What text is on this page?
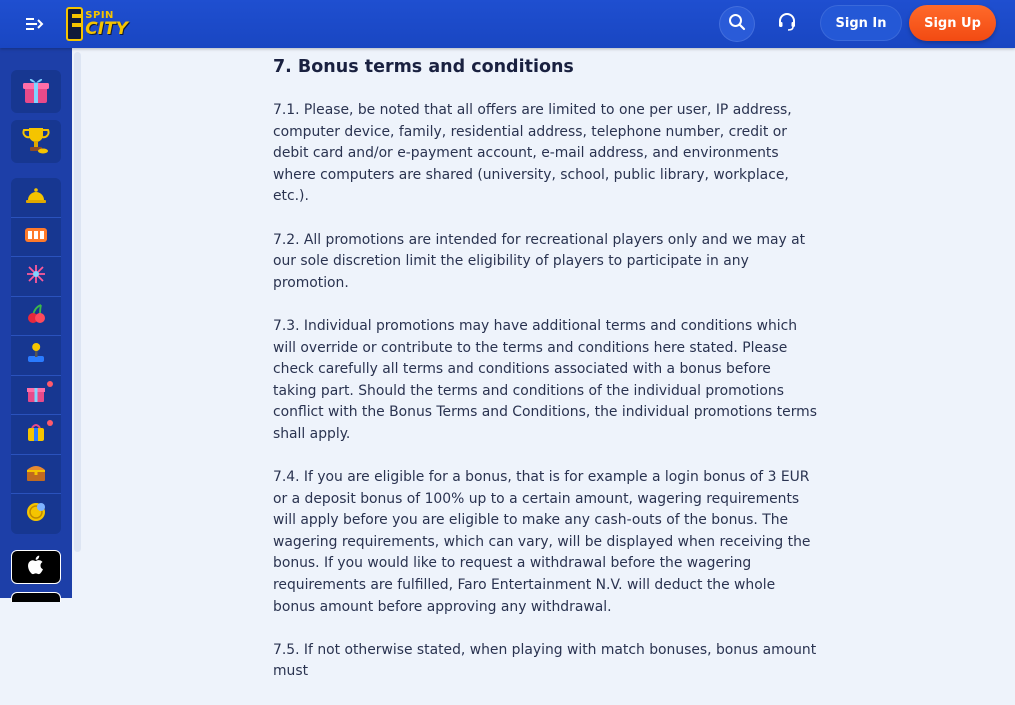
SPIN
CITY	Sign In	Sign Up
7. Bonus terms and conditions

7.1. Please, be noted that all offers are limited to one per user, IP address, computer device, family, residential address, telephone number, credit or debit card and/or e-payment account, e-mail address, and environments where computers are shared (university, school, public library, workplace, etc.).

7.2. All promotions are intended for recreational players only and we may at our sole discretion limit the eligibility of players to participate in any promotion.

7.3. Individual promotions may have additional terms and conditions which will override or contribute to the terms and conditions here stated. Please check carefully all terms and conditions associated with a bonus before taking part. Should the terms and conditions of the individual promotions conflict with the Bonus Terms and Conditions, the individual promotions terms shall apply.

7.4. If you are eligible for a bonus, that is for example a login bonus of 3 EUR or a deposit bonus of 100% up to a certain amount, wagering requirements will apply before you are eligible to make any cash-outs of the bonus. The wagering requirements, which can vary, will be displayed when receiving the bonus. If you would like to request a withdrawal before the wagering requirements are fulfilled, Faro Entertainment N.V. will deduct the whole bonus amount before approving any withdrawal.

7.5. If not otherwise stated, when playing with match bonuses, bonus amount must
